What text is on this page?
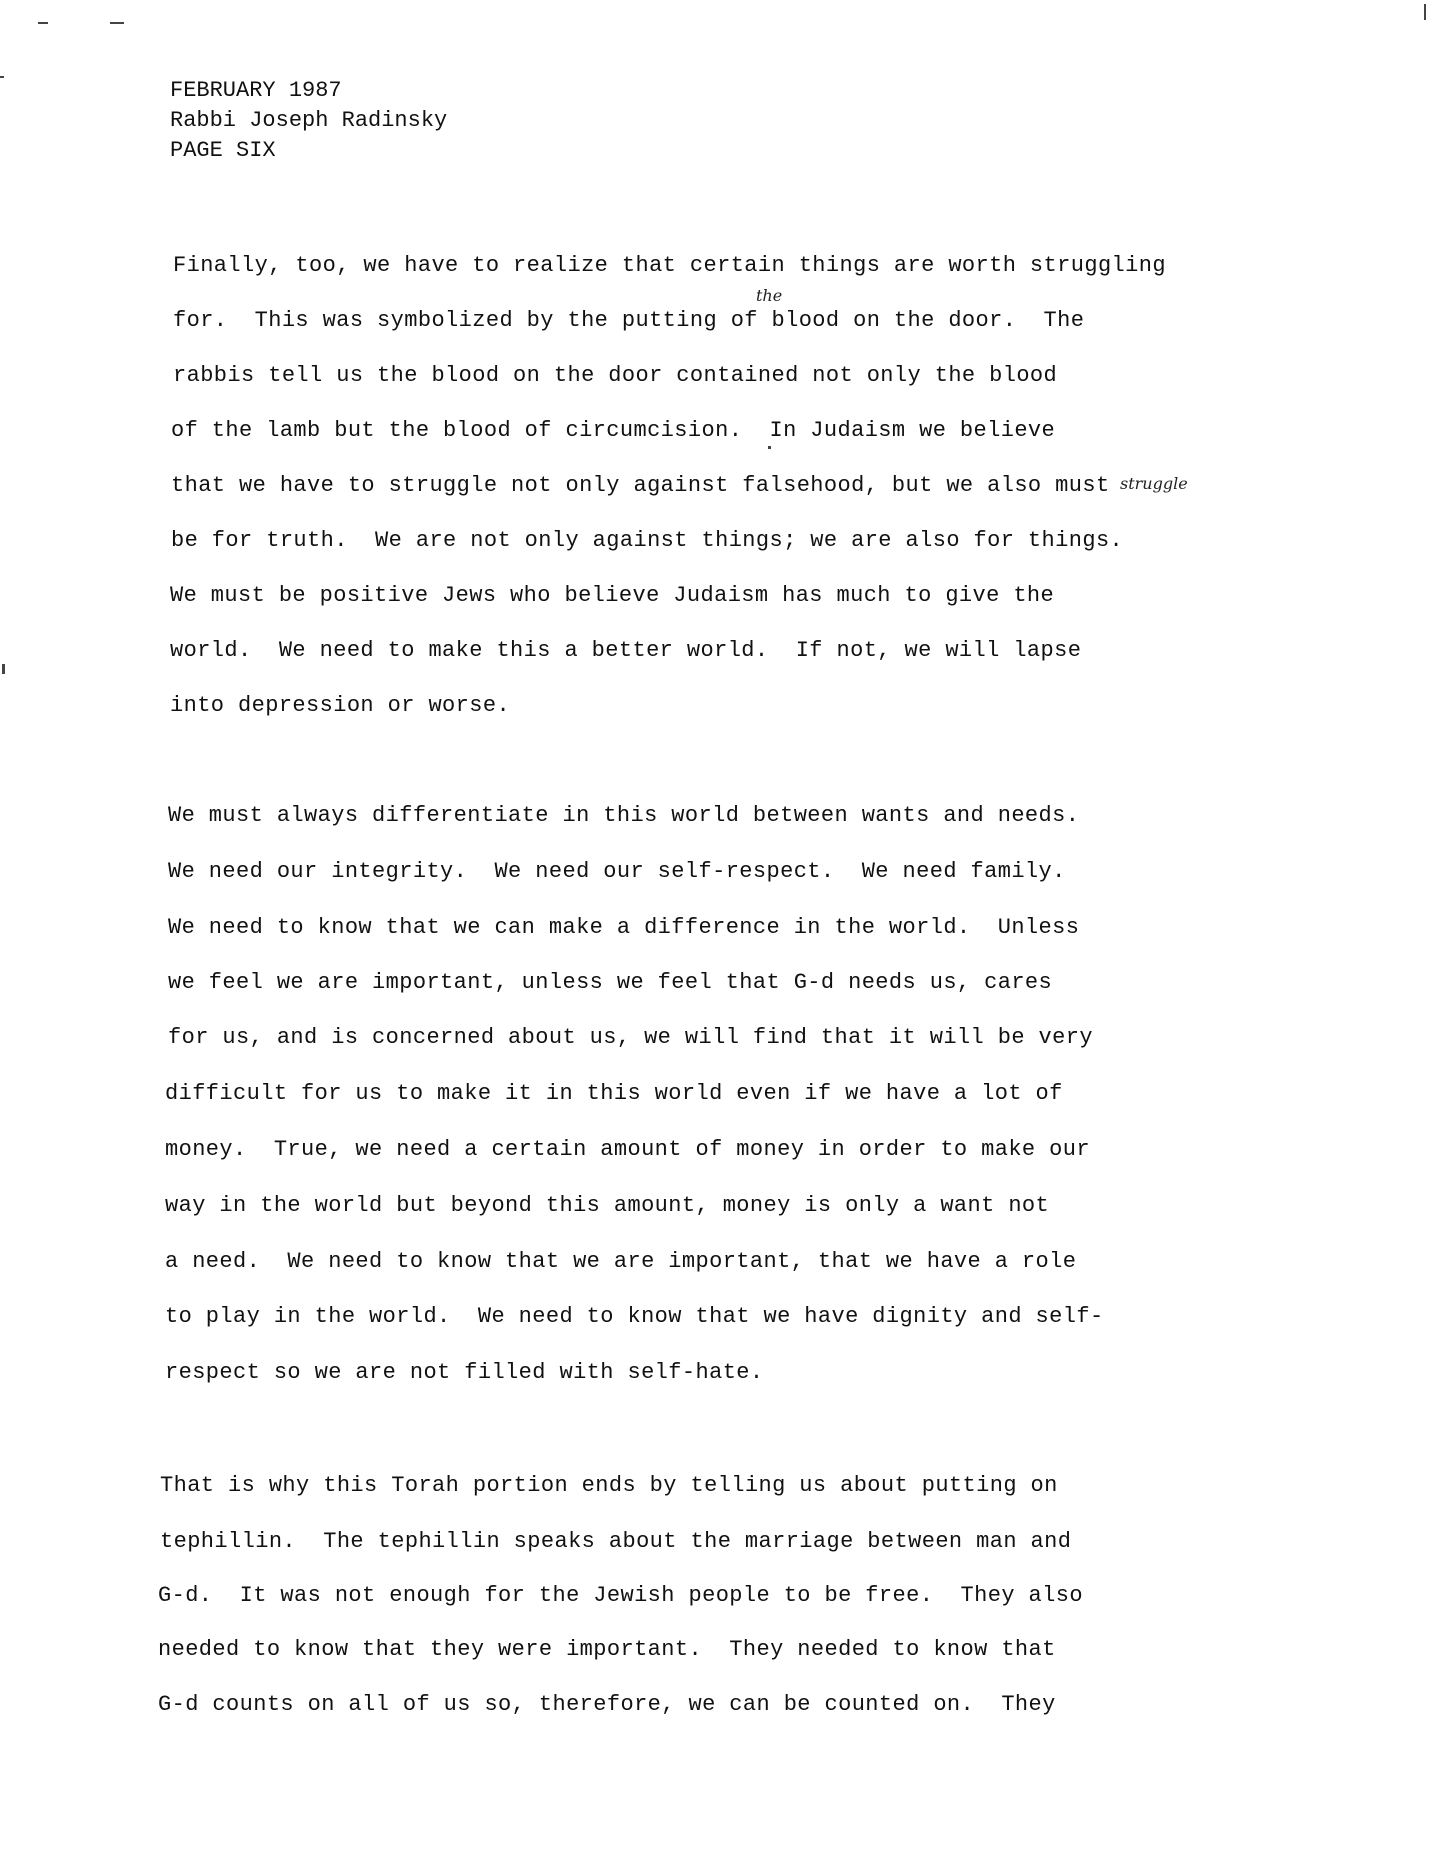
FEBRUARY 1987
Rabbi Joseph Radinsky
PAGE SIX
Finally, too, we have to realize that certain things are worth struggling
for.  This was symbolized by the putting of blood on the door.  The
rabbis tell us the blood on the door contained not only the blood
of the lamb but the blood of circumcision.  In Judaism we believe
that we have to struggle not only against falsehood, but we also must
be for truth.  We are not only against things; we are also for things.
We must be positive Jews who believe Judaism has much to give the
world.  We need to make this a better world.  If not, we will lapse
into depression or worse.
the
struggle
We must always differentiate in this world between wants and needs.
We need our integrity.  We need our self-respect.  We need family.
We need to know that we can make a difference in the world.  Unless
we feel we are important, unless we feel that G-d needs us, cares
for us, and is concerned about us, we will find that it will be very
difficult for us to make it in this world even if we have a lot of
money.  True, we need a certain amount of money in order to make our
way in the world but beyond this amount, money is only a want not
a need.  We need to know that we are important, that we have a role
to play in the world.  We need to know that we have dignity and self-
respect so we are not filled with self-hate.
That is why this Torah portion ends by telling us about putting on
tephillin.  The tephillin speaks about the marriage between man and
G-d.  It was not enough for the Jewish people to be free.  They also
needed to know that they were important.  They needed to know that
G-d counts on all of us so, therefore, we can be counted on.  They
